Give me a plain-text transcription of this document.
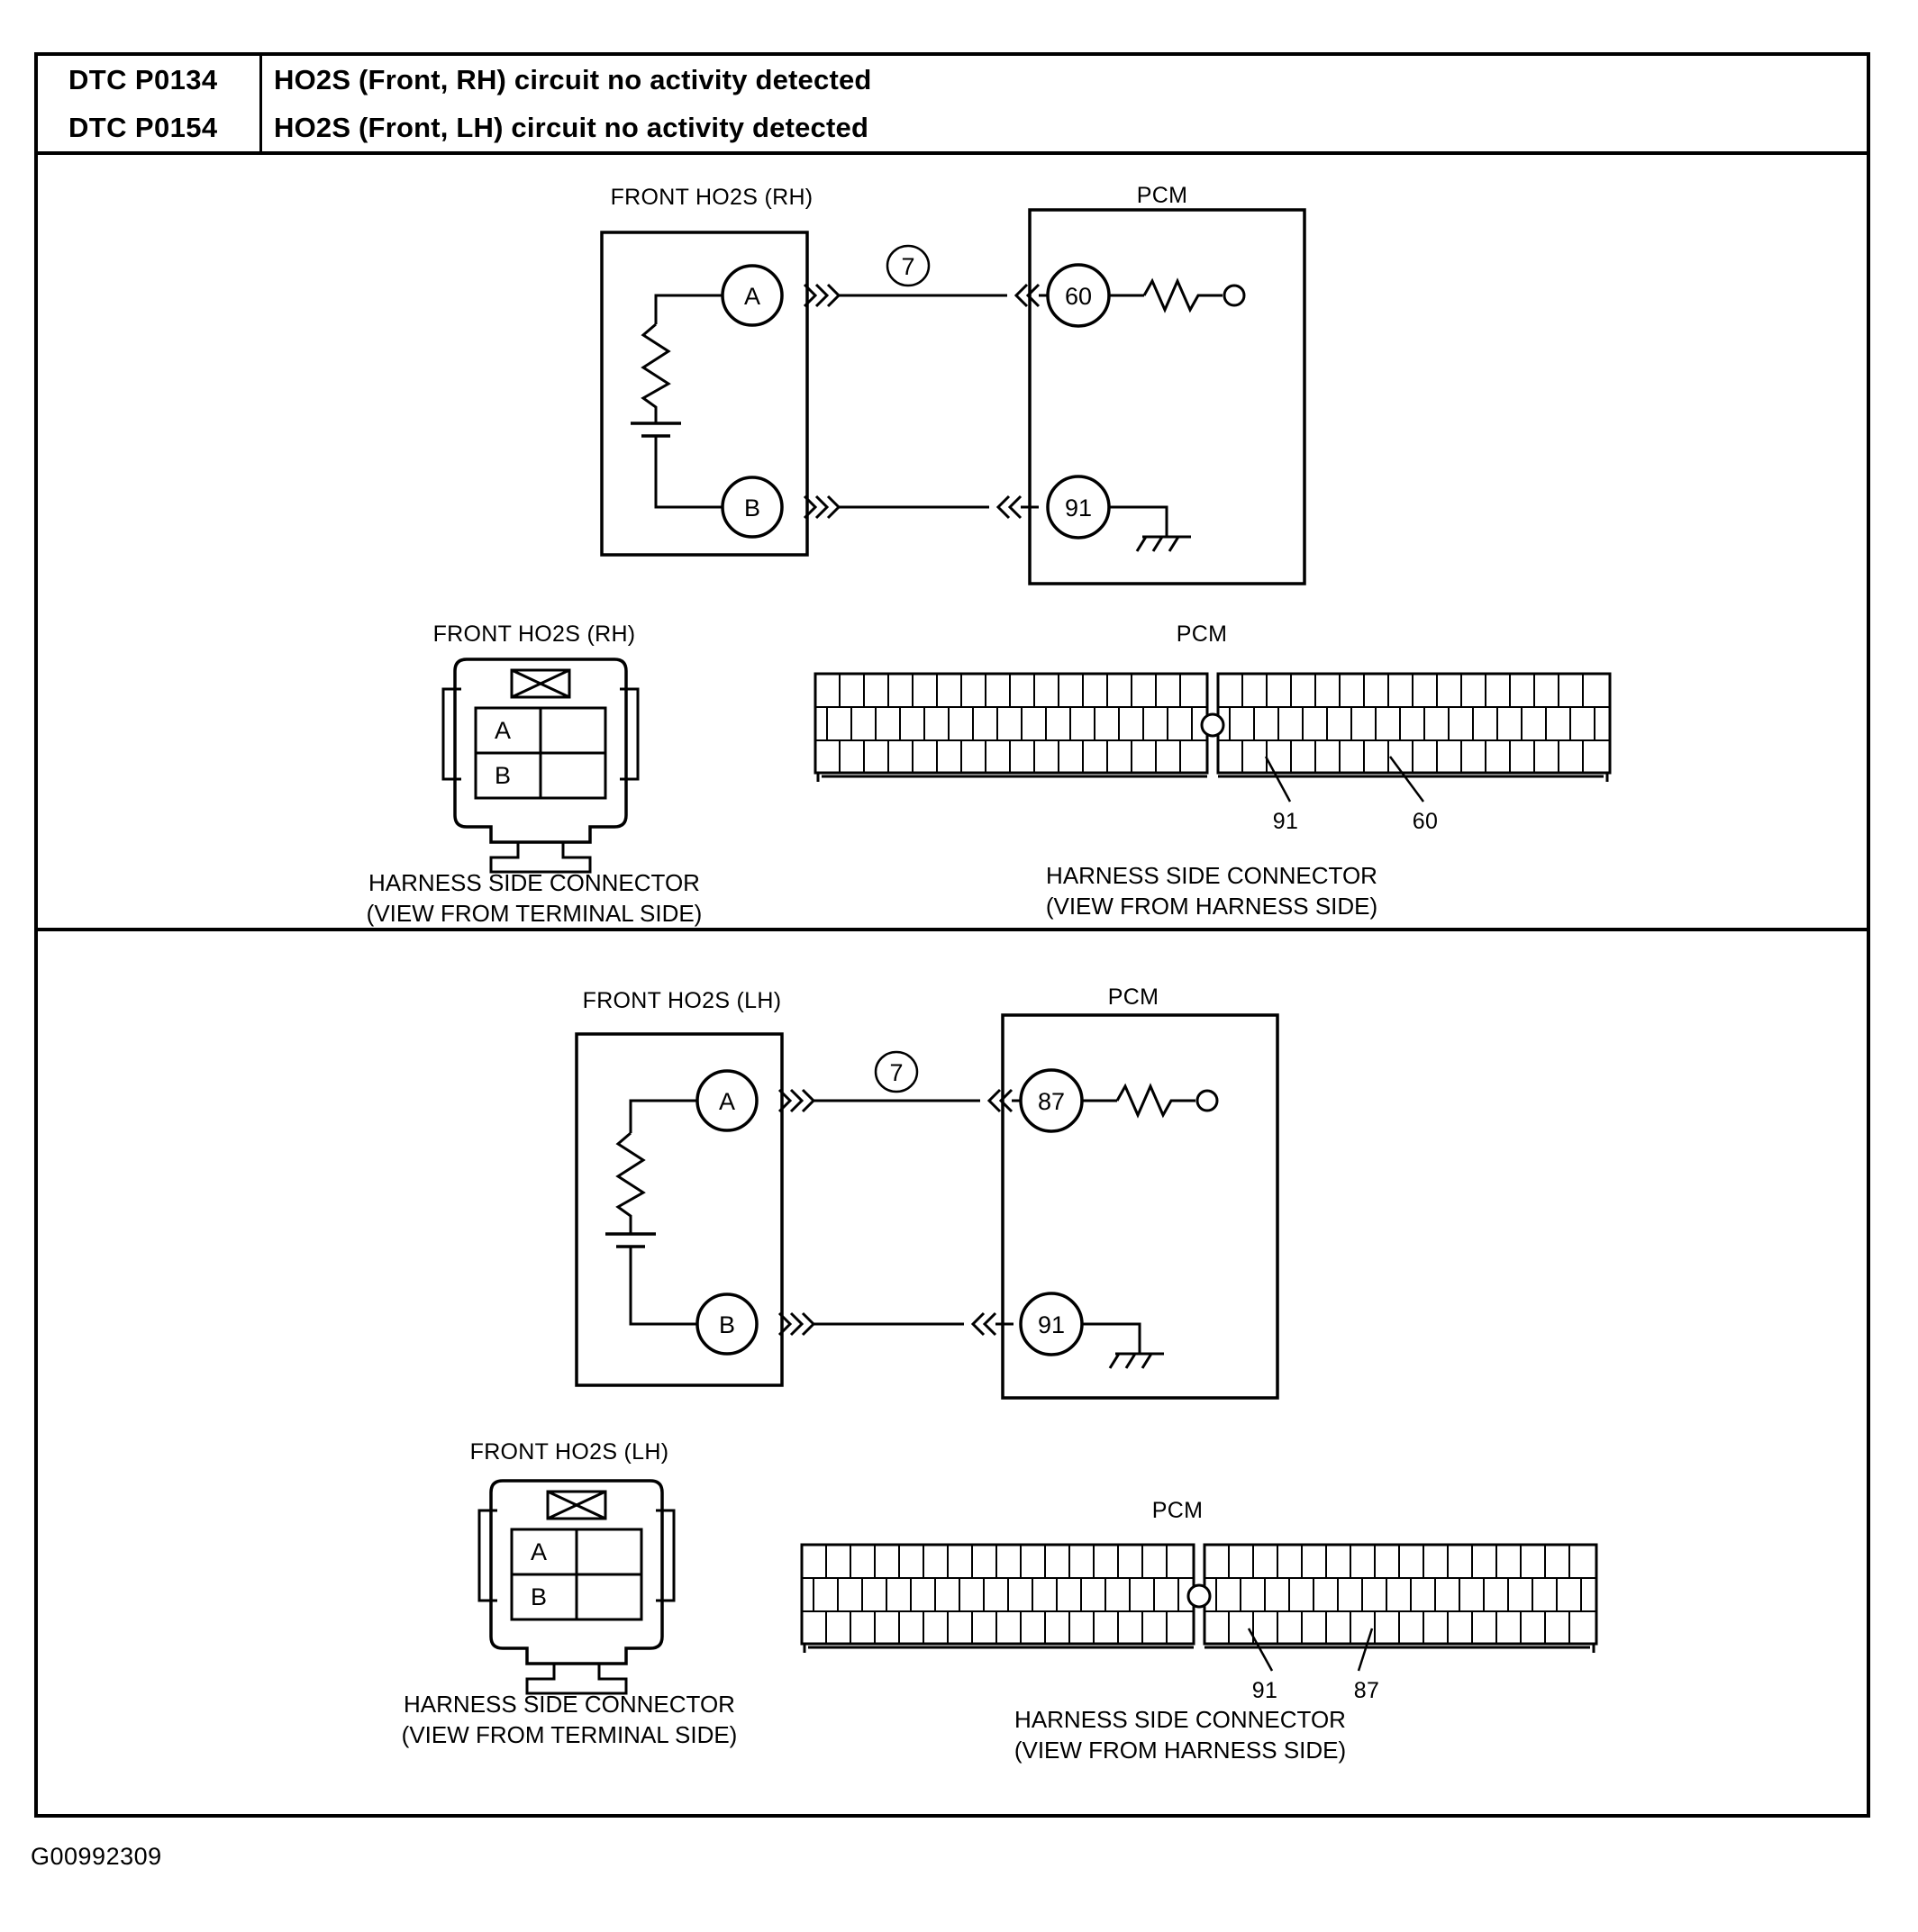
DTC P0134	HO2S (Front, RH) circuit no activity detected
DTC P0154	HO2S (Front, LH) circuit no activity detected
FRONT HO2S (RH)	PCM
A
B
7
60
91
FRONT HO2S (RH)
A
B
HARNESS SIDE CONNECTOR
(VIEW FROM TERMINAL SIDE)
PCM
91	60
HARNESS SIDE CONNECTOR
(VIEW FROM HARNESS SIDE)
FRONT HO2S (LH)	PCM
A
B
7
87
91
FRONT HO2S (LH)
A
B
HARNESS SIDE CONNECTOR
(VIEW FROM TERMINAL SIDE)
PCM
91	87
HARNESS SIDE CONNECTOR
(VIEW FROM HARNESS SIDE)
G00992309
